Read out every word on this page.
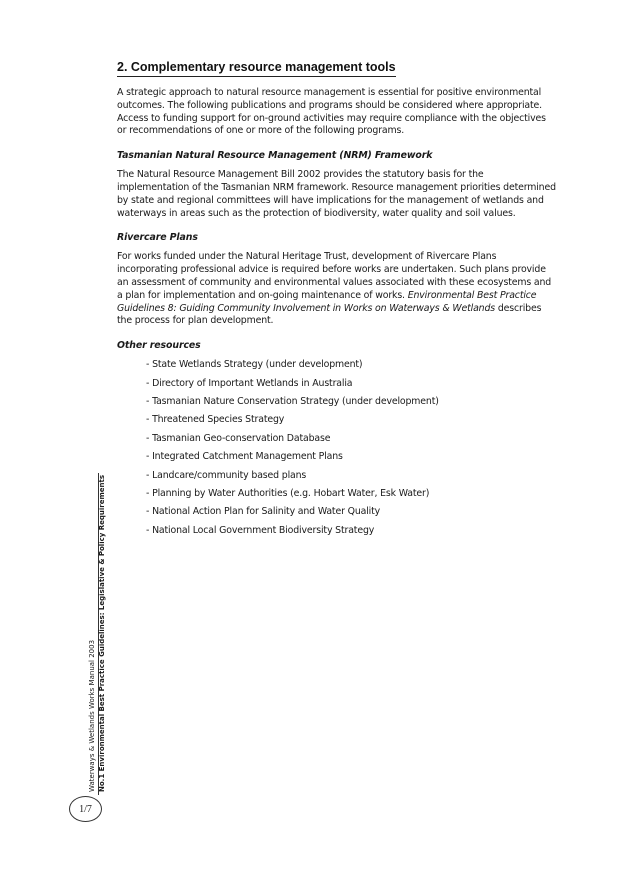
2. Complementary resource management tools

A strategic approach to natural resource management is essential for positive environmental outcomes. The following publications and programs should be considered where appropriate. Access to funding support for on-ground activities may require compliance with the objectives or recommendations of one or more of the following programs.

Tasmanian Natural Resource Management (NRM) Framework

The Natural Resource Management Bill 2002 provides the statutory basis for the implementation of the Tasmanian NRM framework. Resource management priorities determined by state and regional committees will have implications for the management of wetlands and waterways in areas such as the protection of biodiversity, water quality and soil values.

Rivercare Plans

For works funded under the Natural Heritage Trust, development of Rivercare Plans incorporating professional advice is required before works are undertaken. Such plans provide an assessment of community and environmental values associated with these ecosystems and a plan for implementation and on-going maintenance of works. Environmental Best Practice Guidelines 8: Guiding Community Involvement in Works on Waterways & Wetlands describes the process for plan development.

Other resources
- State Wetlands Strategy (under development)
- Directory of Important Wetlands in Australia
- Tasmanian Nature Conservation Strategy (under development)
- Threatened Species Strategy
- Tasmanian Geo-conservation Database
- Integrated Catchment Management Plans
- Landcare/community based plans
- Planning by Water Authorities (e.g. Hobart Water, Esk Water)
- National Action Plan for Salinity and Water Quality
- National Local Government Biodiversity Strategy
Waterways & Wetlands Works Manual 2003 No.1 Environmental Best Practice Guidelines: Legislative & Policy Requirements
1/7
